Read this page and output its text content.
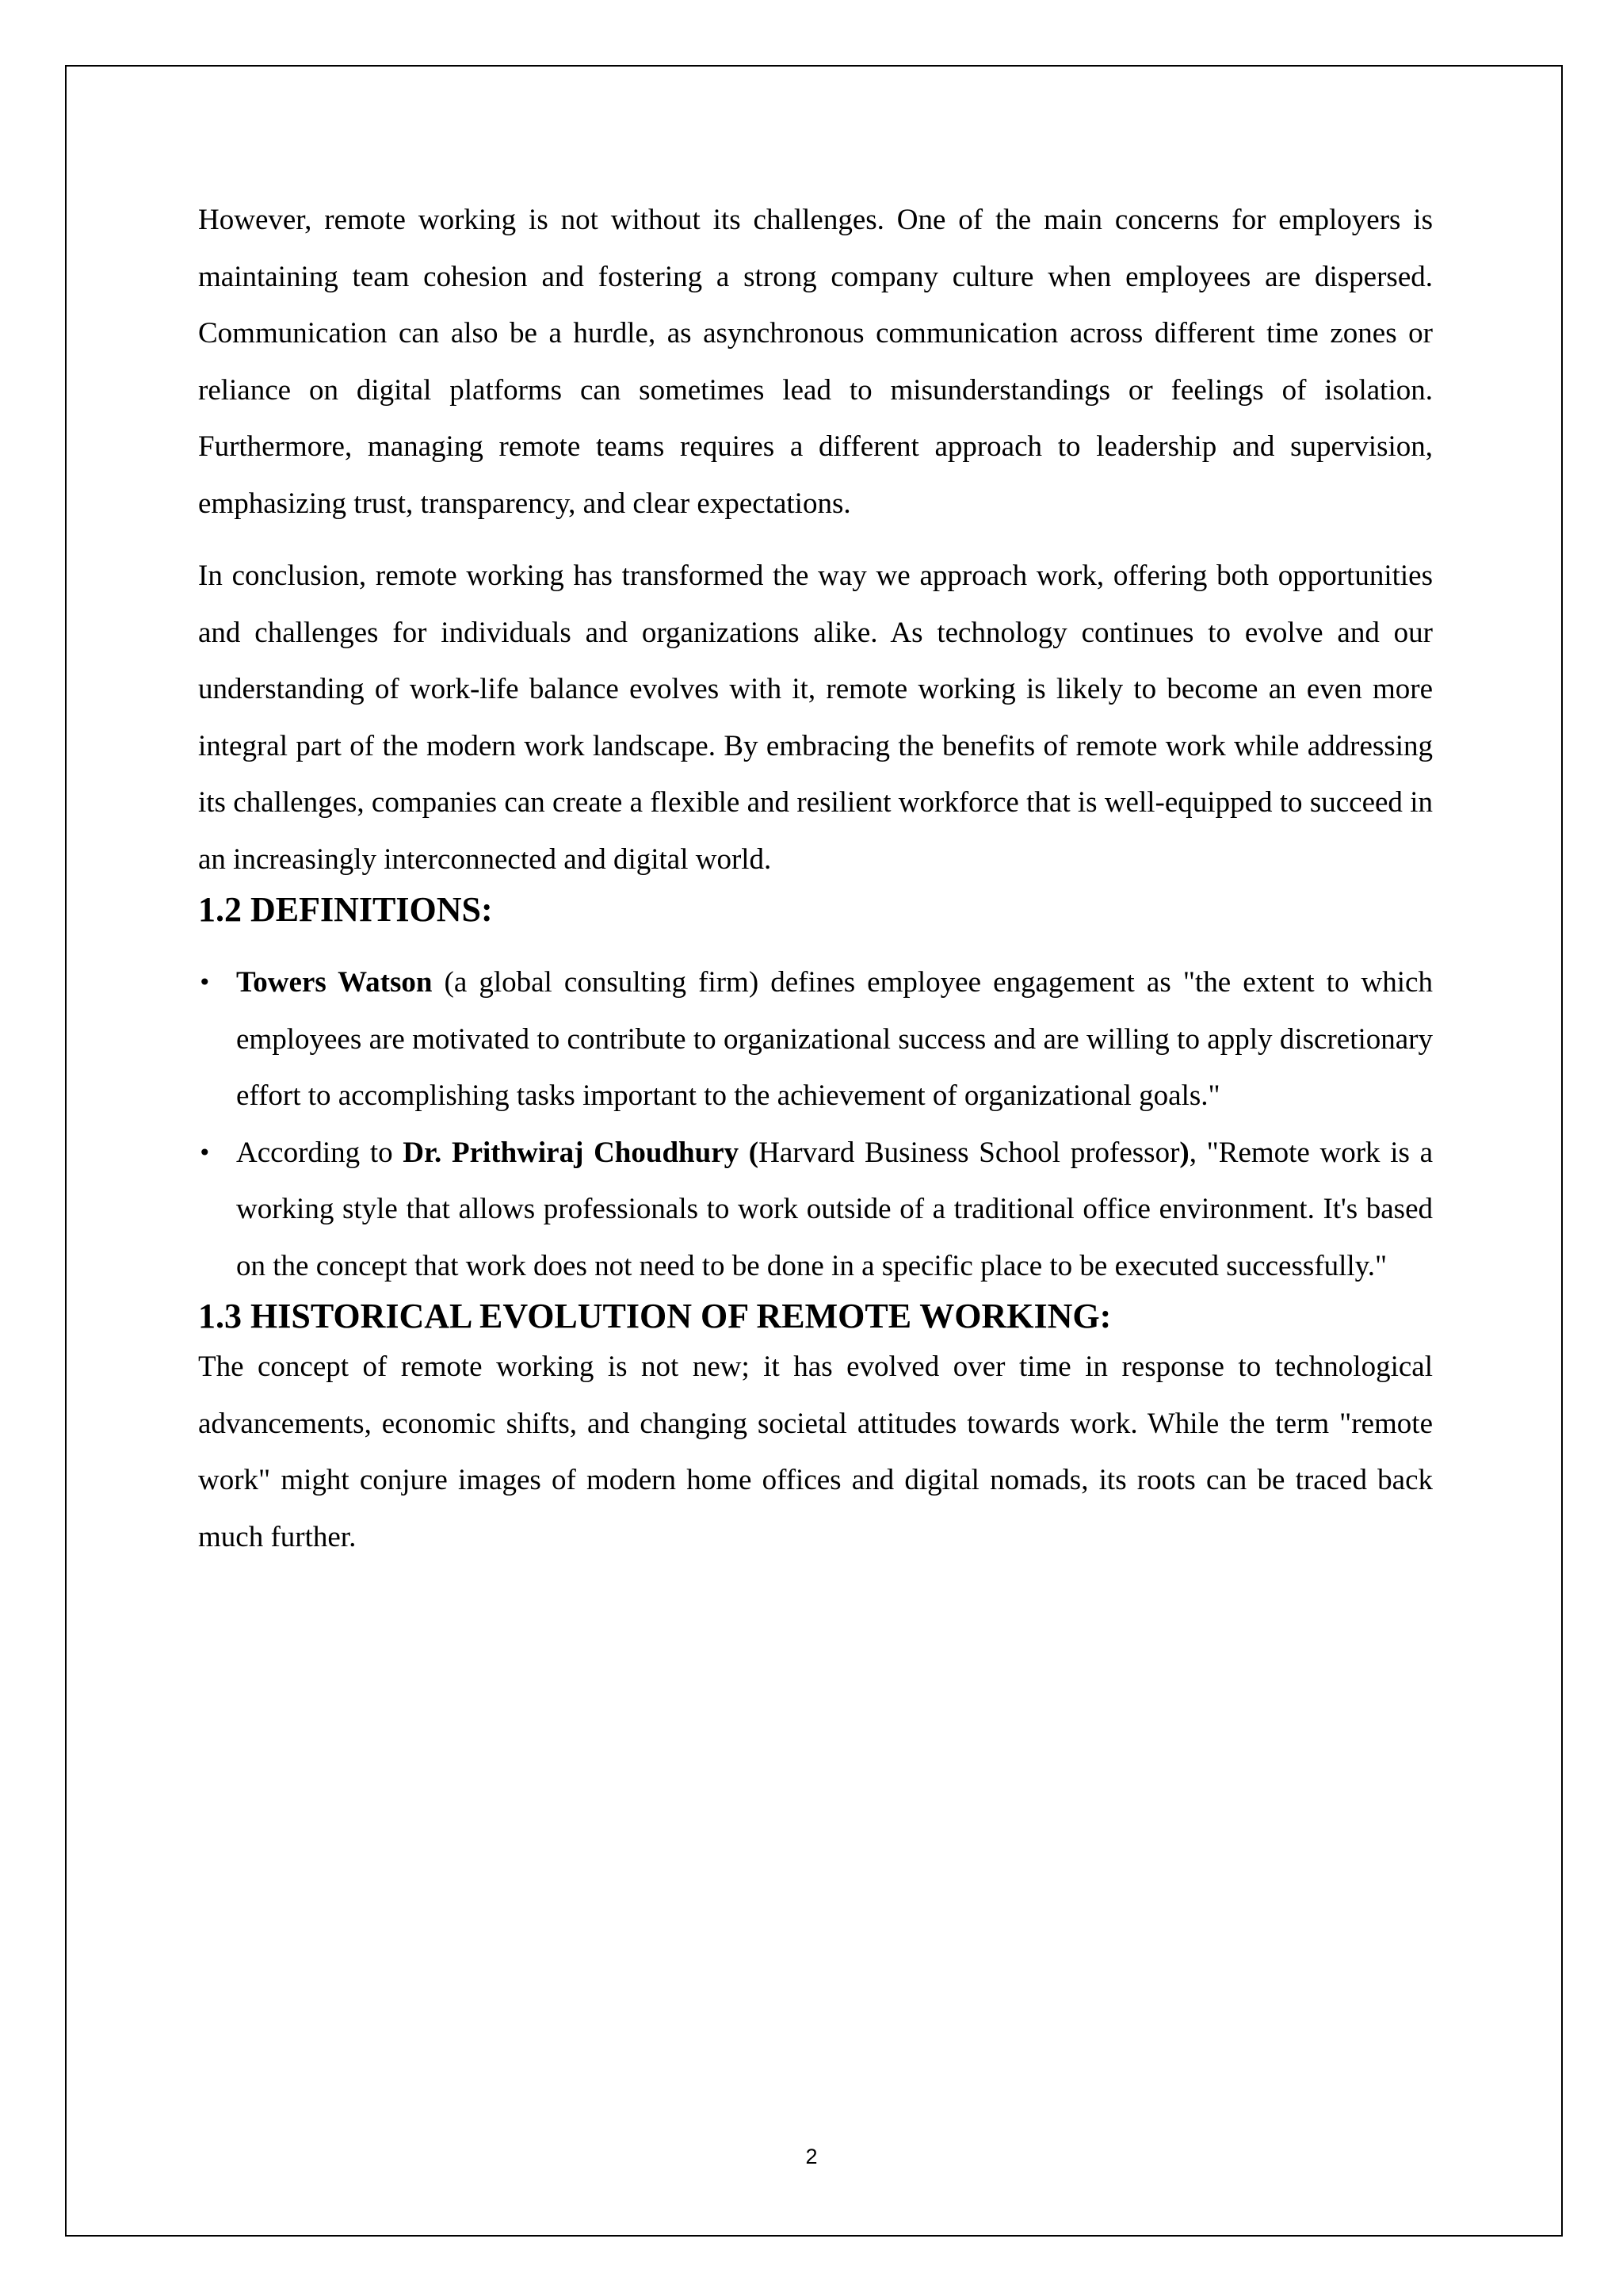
However, remote working is not without its challenges. One of the main concerns for employers is maintaining team cohesion and fostering a strong company culture when employees are dispersed. Communication can also be a hurdle, as asynchronous communication across different time zones or reliance on digital platforms can sometimes lead to misunderstandings or feelings of isolation. Furthermore, managing remote teams requires a different approach to leadership and supervision, emphasizing trust, transparency, and clear expectations.

In conclusion, remote working has transformed the way we approach work, offering both opportunities and challenges for individuals and organizations alike. As technology continues to evolve and our understanding of work-life balance evolves with it, remote working is likely to become an even more integral part of the modern work landscape. By embracing the benefits of remote work while addressing its challenges, companies can create a flexible and resilient workforce that is well-equipped to succeed in an increasingly interconnected and digital world.

1.2 DEFINITIONS:
• Towers Watson (a global consulting firm) defines employee engagement as "the extent to which employees are motivated to contribute to organizational success and are willing to apply discretionary effort to accomplishing tasks important to the achievement of organizational goals."
• According to Dr. Prithwiraj Choudhury (Harvard Business School professor), "Remote work is a working style that allows professionals to work outside of a traditional office environment. It's based on the concept that work does not need to be done in a specific place to be executed successfully."
1.3 HISTORICAL EVOLUTION OF REMOTE WORKING:

The concept of remote working is not new; it has evolved over time in response to technological advancements, economic shifts, and changing societal attitudes towards work. While the term "remote work" might conjure images of modern home offices and digital nomads, its roots can be traced back much further.

2
